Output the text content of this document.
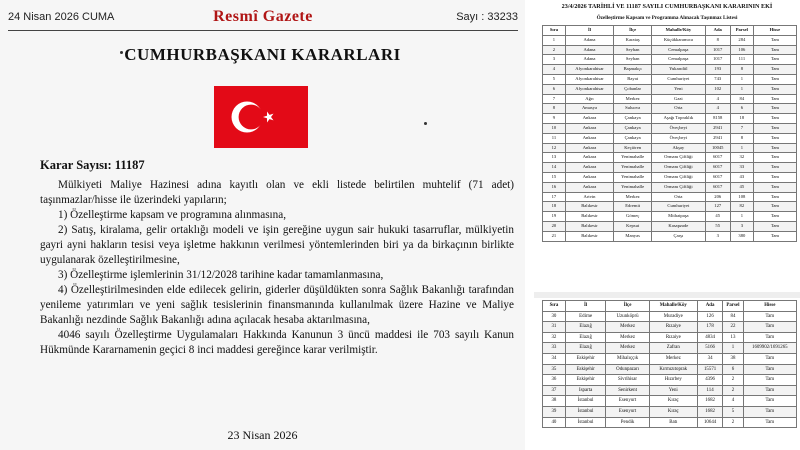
24 Nisan 2026 CUMA	Resmî Gazete	Sayı : 33233
CUMHURBAŞKANI KARARLARI
Karar Sayısı: 11187

Mülkiyeti Maliye Hazinesi adına kayıtlı olan ve ekli listede belirtilen muhtelif (71 adet) taşınmazlar/hisse ile üzerindeki yapıların;

1) Özelleştirme kapsam ve programına alınmasına,

2) Satış, kiralama, gelir ortaklığı modeli ve işin gereğine uygun sair hukuki tasarruflar, mülkiyetin gayri ayni hakların tesisi veya işletme hakkının verilmesi yöntemlerinden biri ya da birkaçının birlikte uygulanarak özelleştirilmesine,

3) Özelleştirme işlemlerinin 31/12/2028 tarihine kadar tamamlanmasına,

4) Özelleştirilmesinden elde edilecek gelirin, giderler düşüldükten sonra Sağlık Bakanlığı tarafından yenileme yatırımları ve yeni sağlık tesislerinin finansmanında kullanılmak üzere Hazine ve Maliye Bakanlığı nezdinde Sağlık Bakanlığı adına açılacak hesaba aktarılmasına,

4046 sayılı Özelleştirme Uygulamaları Hakkında Kanunun 3 üncü maddesi ile 703 sayılı Kanun Hükmünde Kararnamenin geçici 8 inci maddesi gereğince karar verilmiştir.

23 Nisan 2026
23/4/2026 TARİHLİ VE 11187 SAYILI CUMHURBAŞKANI KARARININ EKİ
Özelleştirme Kapsam ve Programına Alınacak Taşınmaz Listesi
Sıra	İl	İlçe	Mahalle/Köy	Ada	Parsel	Hisse
1	Adana	Karataş	Küçükkaramıca	8	284	Tam
2	Adana	Seyhan	Cemalpaşa	1017	106	Tam
3	Adana	Seyhan	Cemalpaşa	1017	111	Tam
4	Afyonkarahisar	Başmakçı	Yukarıdiil	193	8	Tam
5	Afyonkarahisar	Bayat	Cumhuriyet	743	1	Tam
6	Afyonkarahisar	Çobanlar	Yeni	102	1	Tam
7	Ağrı	Merkez	Gazi	4	84	Tam
8	Amasya	Suluova	Orta	4	6	Tam
9	Ankara	Çankaya	Aşağı Topraklık	8158	18	Tam
10	Ankara	Çankaya	Öveçbeyi	2941	7	Tam
11	Ankara	Çankaya	Öveçbeyi	2941	8	Tam
12	Ankara	Keçiören	Akşay	10045	1	Tam
13	Ankara	Yenimahalle	Ormanı Çiftliği	6017	32	Tam
14	Ankara	Yenimahalle	Ormanı Çiftliği	6017	33	Tam
15	Ankara	Yenimahalle	Ormanı Çiftliği	6017	43	Tam
16	Ankara	Yenimahalle	Ormanı Çiftliği	6017	45	Tam
17	Artvin	Merkez	Orta	206	108	Tam
18	Balıkesir	Edremit	Cumhuriyet	127	82	Tam
19	Balıkesir	Gömeç	Mithatpaşa	45	1	Tam
20	Balıkesir	Kepsut	Kasapzade	55	3	Tam
21	Balıkesir	Manyas	Çarşı	3	380	Tam
Sıra	İl	İlçe	Mahalle/Köy	Ada	Parsel	Hisse
30	Edirne	Uzunköprü	Muradiye	126	84	Tam
31	Elazığ	Merkez	Rızaiye	178	22	Tam
32	Elazığ	Merkez	Rızaiye	4834	13	Tam
33	Elazığ	Merkez	Zafran	5166	1	1609902/1691265
34	Eskişehir	Mihalıççık	Merkez	34	38	Tam
35	Eskişehir	Odunpazarı	Kırmızıtoprak	15571	6	Tam
36	Eskişehir	Sivrihisar	Hızırbey	4396	2	Tam
37	Isparta	Senirkent	Yeni	114	2	Tam
38	İstanbul	Esenyurt	Kıraç	1682	4	Tam
39	İstanbul	Esenyurt	Kıraç	1682	5	Tam
40	İstanbul	Pendik	Batı	10644	2	Tam
